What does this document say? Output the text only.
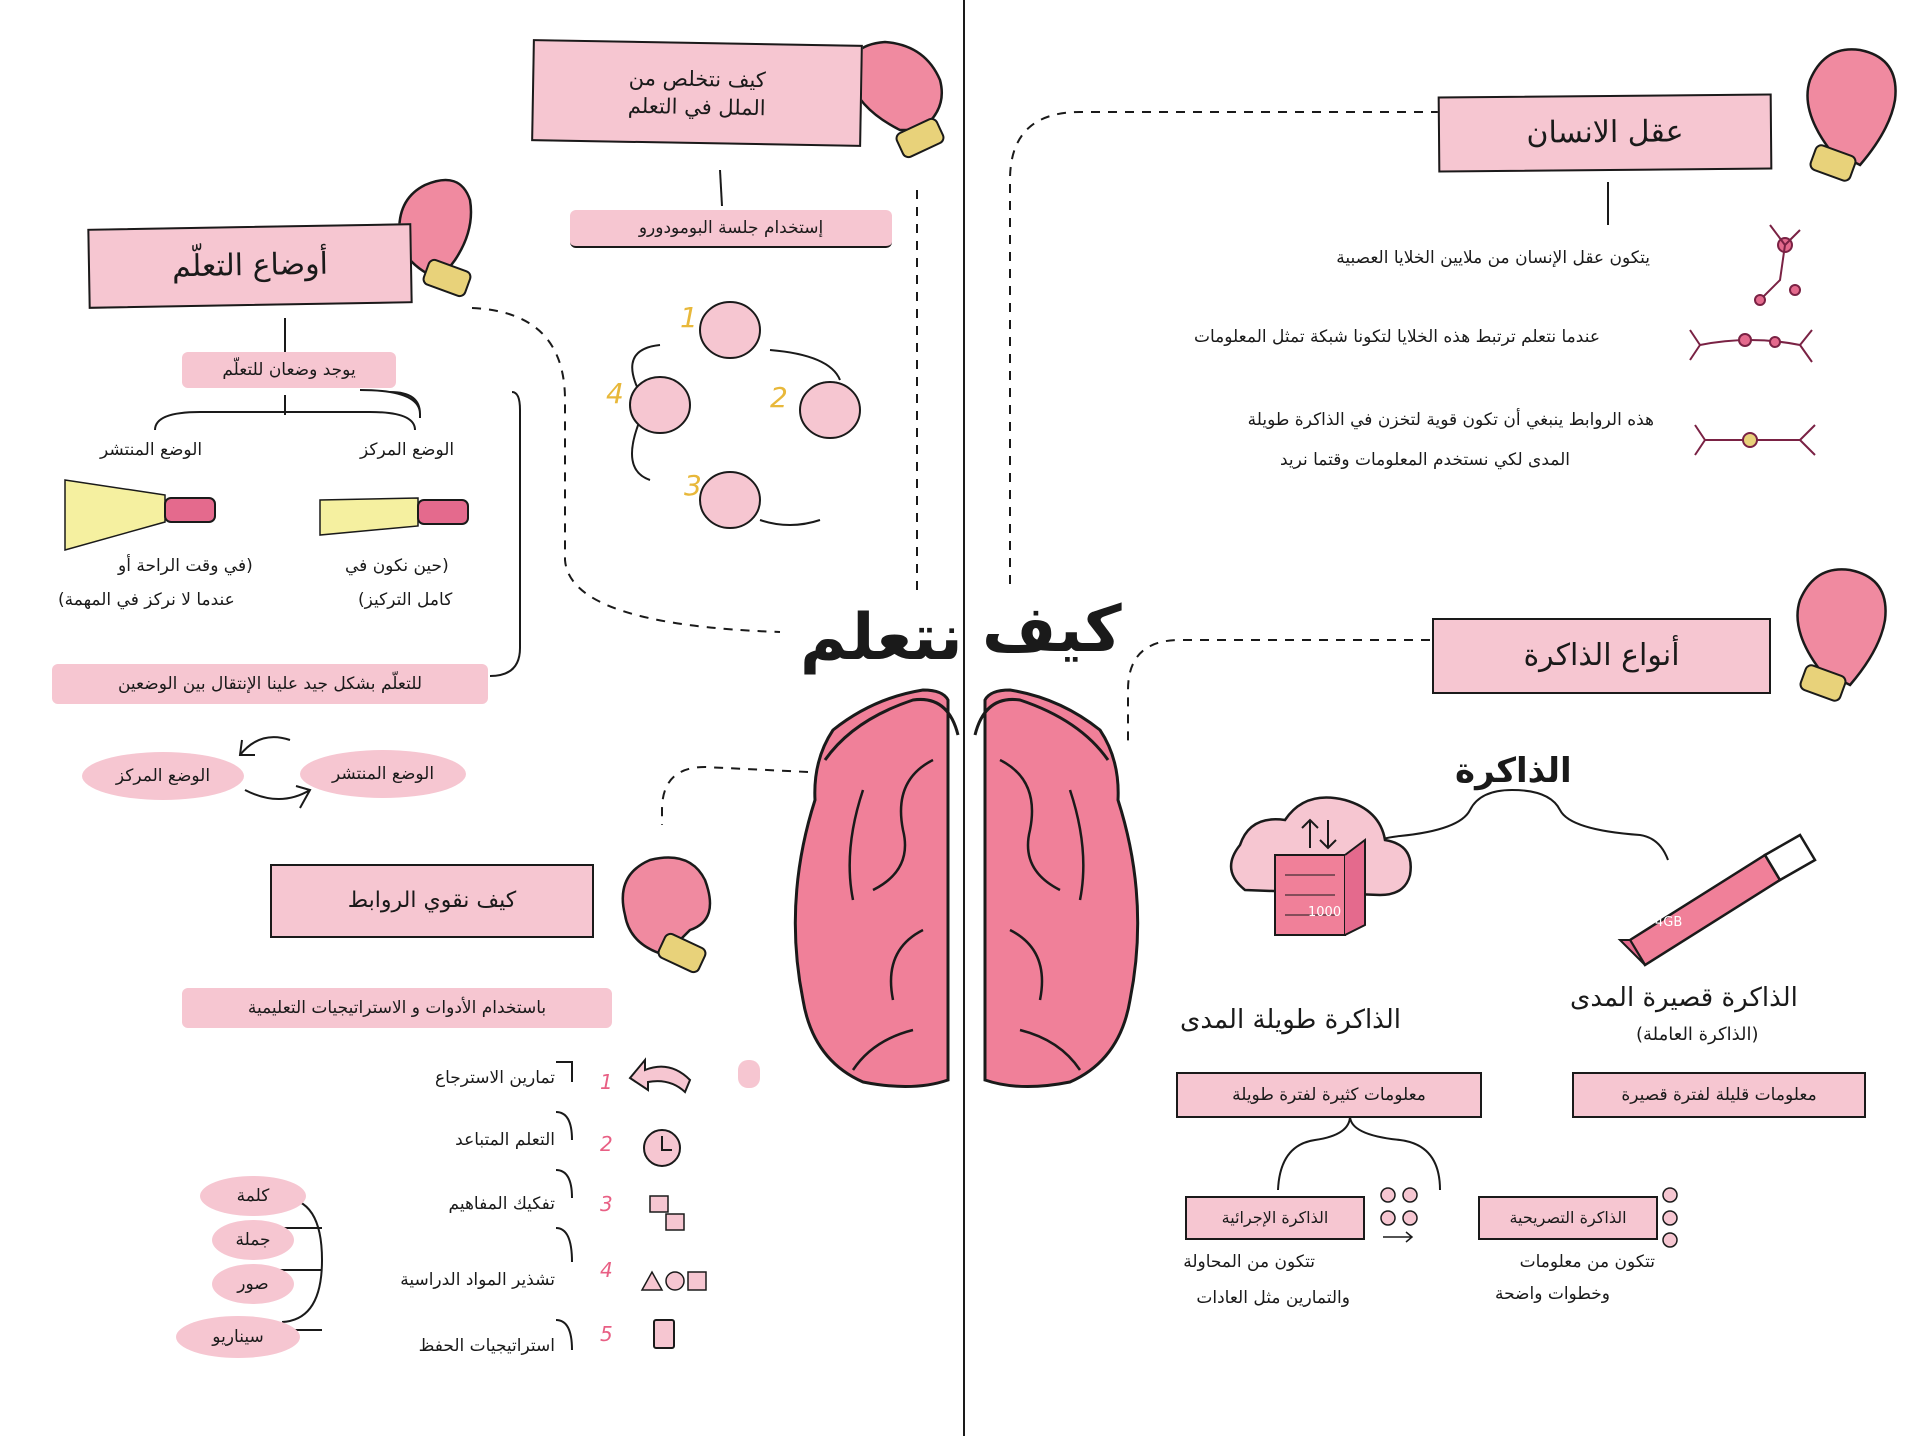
كيف
نتعلم
عقل الانسان
يتكون عقل الإنسان من ملايين الخلايا العصبية
عندما نتعلم ترتبط هذه الخلايا لتكونا شبكة تمثل المعلومات
هذه الروابط ينبغي أن تكون قوية لتخزن في الذاكرة طويلة
المدى لكي نستخدم المعلومات وقتما نريد
أنواع الذاكرة
الذاكرة
1000
4GB
الذاكرة طويلة المدى
الذاكرة قصيرة المدى
(الذاكرة العاملة)
معلومات كثيرة لفترة طويلة	معلومات قليلة لفترة قصيرة
الذاكرة الإجرائية	الذاكرة التصريحية
تتكون من المحاولة
والتمارين مثل العادات
تتكون من معلومات
وخطوات واضحة
كيف نتخلص من
الملل في التعلم
إستخدام جلسة البومودورو
1
2
3
4
أوضاع التعلّم
يوجد وضعان للتعلّم
الوضع المركز
الوضع المنتشر
(حين نكون في
كامل التركيز)
(في وقت الراحة أو
عندما لا نركز في المهمة)
للتعلّم بشكل جيد علينا الإنتقال بين الوضعين
الوضع المنتشر
الوضع المركز
كيف نقوي الروابط
باستخدام الأدوات و الاستراتيجيات التعليمية
تمارين الاسترجاع 1
التعلم المتباعد 2
تفكيك المفاهيم 3
تشذير المواد الدراسية 4
استراتيجيات الحفظ 5
كلمة
جملة
صور
سيناريو
